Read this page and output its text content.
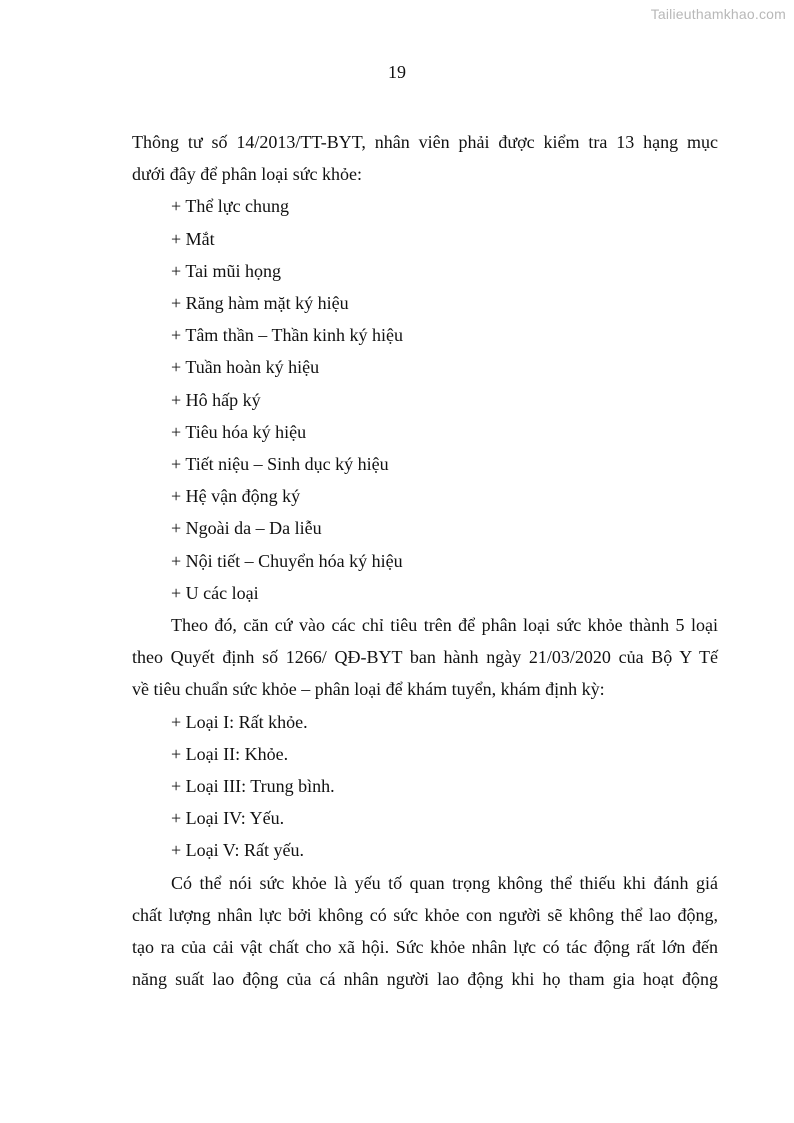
Tailieuthamkhao.com
19

Thông tư số 14/2013/TT-BYT, nhân viên phải được kiểm tra 13 hạng mục
dưới đây để phân loại sức khỏe:

+ Thể lực chung

+ Mắt

+ Tai mũi họng

+ Răng hàm mặt ký hiệu

+ Tâm thần – Thần kinh ký hiệu

+ Tuần hoàn ký hiệu

+ Hô hấp ký

+ Tiêu hóa ký hiệu

+ Tiết niệu – Sinh dục ký hiệu

+ Hệ vận động ký

+ Ngoài da – Da liễu

+ Nội tiết – Chuyển hóa ký hiệu

+ U các loại

Theo đó, căn cứ vào các chỉ tiêu trên để phân loại sức khỏe thành 5 loại
theo Quyết định số 1266/ QĐ-BYT ban hành ngày 21/03/2020 của Bộ Y Tế
về tiêu chuẩn sức khỏe – phân loại để khám tuyển, khám định kỳ:

+ Loại I: Rất khỏe.

+ Loại II: Khỏe.

+ Loại III: Trung bình.

+ Loại IV: Yếu.

+ Loại V: Rất yếu.

Có thể nói sức khỏe là yếu tố quan trọng không thể thiếu khi đánh giá
chất lượng nhân lực bởi không có sức khỏe con người sẽ không thể lao động,
tạo ra của cải vật chất cho xã hội. Sức khỏe nhân lực có tác động rất lớn đến
năng suất lao động của cá nhân người lao động khi họ tham gia hoạt động
